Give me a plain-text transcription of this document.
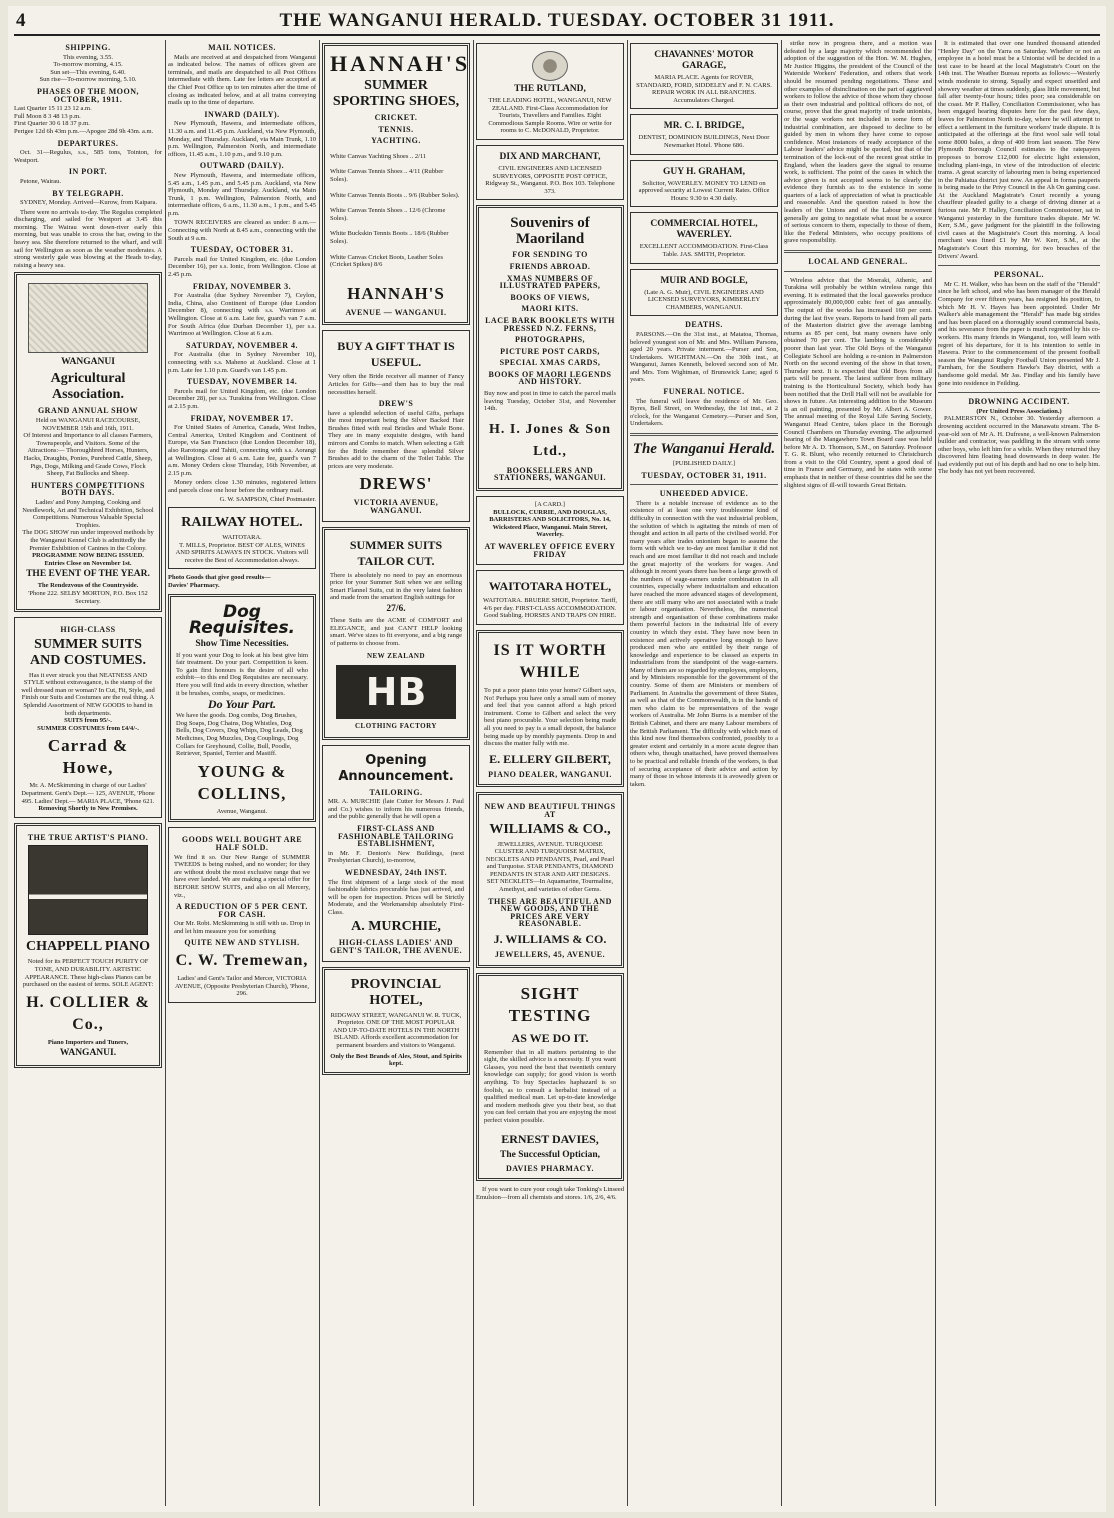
4	THE WANGANUI HERALD. TUESDAY. OCTOBER 31 1911.
SHIPPING.
This evening, 3.55.
To-morrow morning, 4.15.
Sun set—This evening, 6.40.
Sun rise—To-morrow morning, 5.10.
PHASES OF THE MOON, OCTOBER, 1911.
Last Quarter 15 11 23 12 a.m.
Full Moon 8 3 48 13 p.m.
First Quarter 30 6 18 37 p.m.
Perigee 12d 6h 43m p.m.—Apogee 28d 9h 43m. a.m.
DEPARTURES.

Oct. 31—Regulus, s.s., 585 tons, Tointon, for Westport.

IN PORT.

Petone, Wairau.

BY TELEGRAPH.

SYDNEY, Monday. Arrived—Kurow, from Kaipara.

There were no arrivals to-day. The Regulus completed discharging, and sailed for Westport at 3.45 this morning. The Wairau went down-river early this morning, but was unable to cross the bar, owing to the heavy sea. She therefore returned to the wharf, and will sail for Wellington as soon as the weather moderates. A strong westerly gale was blowing at the Heads to-day, raising a heavy sea.

WANGANUI
Agricultural Association.
GRAND ANNUAL SHOW
Held on WANGANUI RACECOURSE, NOVEMBER 15th and 16th, 1911.
Of Interest and Importance to all classes Farmers, Townspeople, and Visitors. Some of the Attractions:— Thoroughbred Horses, Hunters, Hacks, Draughts, Ponies, Purebred Cattle, Sheep, Pigs, Dogs, Milking and Grade Cows, Flock Sheep, Fat Bullocks and Sheep.
HUNTERS COMPETITIONS BOTH DAYS.
Ladies' and Pony Jumping, Cooking and Needlework, Art and Technical Exhibition, School Competitions. Numerous Valuable Special Trophies.
The DOG SHOW run under improved methods by the Wanganui Kennel Club is admittedly the Premier Exhibition of Canines in the Colony.
PROGRAMME NOW BEING ISSUED. Entries Close on November 1st.
THE EVENT OF THE YEAR.
The Rendezvous of the Countryside.
'Phone 222. SELBY MORTON, P.O. Box 152 Secretary.
HIGH-CLASS
SUMMER SUITS AND COSTUMES.
Has it ever struck you that NEATNESS AND STYLE without extravagance, is the stamp of the well dressed man or woman? In Cut, Fit, Style, and Finish our Suits and Costumes are the real thing. A Splendid Assortment of NEW GOODS to hand in both departments.
SUITS from 95/-.
SUMMER COSTUMES from £4/4/-.
Carrad & Howe,
Mr. A. McSkimming in charge of our Ladies' Department. Gent's Dept.— 125, AVENUE, 'Phone 495. Ladies' Dept.— MARIA PLACE, 'Phone 621.
Removing Shortly to New Premises.
THE TRUE ARTIST'S PIANO.
CHAPPELL PIANO
Noted for its PERFECT TOUCH PURITY OF TONE, AND DURABILITY. ARTISTIC APPEARANCE. These high-class Pianos can be purchased on the easiest of terms. SOLE AGENT:
H. COLLIER & Co.,
Piano Importers and Tuners,
WANGANUI.
MAIL NOTICES.

Mails are received at and despatched from Wanganui as indicated below. The names of offices given are terminals, and mails are despatched to all Post Offices intermediate with them. Late fee letters are accepted at the Chief Post Office up to ten minutes after the time of closing as indicated below, and at all trains conveying mails up to the time of departure.

INWARD (DAILY).

New Plymouth, Hawera, and intermediate offices, 11.30 a.m. and 11.45 p.m. Auckland, via New Plymouth, Monday, and Thursday. Auckland, via Main Trunk, 1.10 p.m. Wellington, Palmerston North, and intermediate offices, 11.45 a.m., 1.10 p.m., and 9.10 p.m.

OUTWARD (DAILY).

New Plymouth, Hawera, and intermediate offices, 5.45 a.m., 1.45 p.m., and 5.45 p.m. Auckland, via New Plymouth, Monday and Thursday. Auckland, via Main Trunk, 1 p.m. Wellington, Palmerston North, and intermediate offices, 6 a.m., 11.30 a.m., 1 p.m., and 5.45 p.m.

TOWN RECEIVERS are cleared as under: 8 a.m.—Connecting with North at 8.45 a.m., connecting with the South at 9 a.m.

TUESDAY, OCTOBER 31.

Parcels mail for United Kingdom, etc. (due London December 16), per s.s. Ionic, from Wellington. Close at 2.45 p.m.

FRIDAY, NOVEMBER 3.

For Australia (due Sydney November 7), Ceylon, India, China, also Continent of Europe (due London December 8), connecting with s.s. Warrimoo at Wellington. Close at 6 a.m. Late fee, guard's van 7 a.m. For South Africa (due Durban December 1), per s.s. Warrimoo at Wellington. Close at 6 a.m.

SATURDAY, NOVEMBER 4.

For Australia (due in Sydney November 10), connecting with s.s. Maheno at Auckland. Close at 1 p.m. Late fee 1.10 p.m. Guard's van 1.45 p.m.

TUESDAY, NOVEMBER 14.

Parcels mail for United Kingdom, etc. (due London December 28), per s.s. Turakina from Wellington. Close at 2.15 p.m.

FRIDAY, NOVEMBER 17.

For United States of America, Canada, West Indies, Central America, United Kingdom and Continent of Europe, via San Francisco (due London December 18), also Rarotonga and Tahiti, connecting with s.s. Aorangi at Wellington. Close at 6 a.m. Late fee, guard's van 7 a.m. Money Orders close Thursday, 16th November, at 2.15 p.m.

Money orders close 1.30 minutes, registered letters and parcels close one hour before the ordinary mail.

G. W. SAMPSON, Chief Postmaster.
RAILWAY HOTEL.
WAITOTARA.
T. MILLS, Proprietor. BEST OF ALES, WINES AND SPIRITS ALWAYS IN STOCK. Visitors will receive the Best of Accommodation always.
Photo Goods that give good results—
Davies' Pharmacy.
Dog Requisites.
Show Time Necessities.
If you want your Dog to look at his best give him fair treatment. Do your part. Competition is keen. To gain first honours is the desire of all who exhibit—to this end Dog Requisites are necessary. Here you will find aids in every direction, whether it be brushes, combs, soaps, or medicines.
Do Your Part.
We have the goods. Dog combs, Dog Brushes, Dog Soaps, Dog Chains, Dog Whistles, Dog Bells, Dog Covers, Dog Whips, Dog Leads, Dog Medicines, Dog Muzzles, Dog Couplings, Dog Collars for Greyhound, Collie, Bull, Poodle, Retriever, Spaniel, Terrier and Mastiff.
YOUNG & COLLINS,
Avenue, Wanganui.
GOODS WELL BOUGHT ARE HALF SOLD.
We find it so. Our New Range of SUMMER TWEEDS is being rushed, and no wonder; for they are without doubt the most exclusive range that we have ever landed. We are making a special offer for BEFORE SHOW SUITS, and also on all Mercery, viz.,
A REDUCTION OF 5 PER CENT. FOR CASH.
Our Mr. Robt. McSkimming is still with us. Drop in and let him measure you for something
QUITE NEW AND STYLISH.
C. W. Tremewan,
Ladies' and Gent's Tailor and Mercer, VICTORIA AVENUE, (Opposite Presbyterian Church), 'Phone, 296.
HANNAH'S
SUMMER SPORTING SHOES,
CRICKET.
TENNIS.
YACHTING.
White Canvas Yachting Shoes .. 2/11
White Canvas Tennis Shoes .. 4/11 (Rubber Soles).
White Canvas Tennis Boots .. 9/6 (Rubber Soles).
White Canvas Tennis Shoes .. 12/6 (Chrome Soles).
White Buckskin Tennis Boots .. 18/6 (Rubber Soles).
White Canvas Cricket Boots, Leather Soles (Cricket Spikes) 8/6
HANNAH'S
AVENUE — WANGANUI.
BUY A GIFT THAT IS USEFUL.
Very often the Bride receiver all manner of Fancy Articles for Gifts—and then has to buy the real necessities herself.
DREW'S
have a splendid selection of useful Gifts, perhaps the most important being the Silver Backed Hair Brushes fitted with real Bristles and Whale Bone. They are in many exquisite designs, with hand mirrors and Combs to match. When selecting a Gift for the Bride remember these splendid Silver Brushes add to the charm of the Toilet Table. The prices are very moderate.
DREWS'
VICTORIA AVENUE, WANGANUI.
SUMMER SUITS TAILOR CUT.
There is absolutely no need to pay an enormous price for your Summer Suit when we are selling Smart Flannel Suits, cut in the very latest fashion and made from the smartest English suitings for
27/6.
These Suits are the ACME of COMFORT and ELEGANCE, and just CAN'T HELP looking smart. We've sizes to fit everyone, and a big range of patterns to choose from.
NEW ZEALAND
HB
CLOTHING FACTORY
Opening Announcement.
TAILORING.
MR. A. MURCHIE (late Cutter for Messrs J. Paul and Co.) wishes to inform his numerous friends, and the public generally that he will open a
FIRST-CLASS AND FASHIONABLE TAILORING ESTABLISHMENT,
in Mr. F. Denton's New Buildings, (next Presbyterian Church), to-morrow,
WEDNESDAY, 24th INST.
The first shipment of a large stock of the most fashionable fabrics procurable has just arrived, and will be open for inspection. Prices will be Strictly Moderate, and the Workmanship absolutely First-Class.
A. MURCHIE,
HIGH-CLASS LADIES' AND GENT'S TAILOR, THE AVENUE.
PROVINCIAL HOTEL,
RIDGWAY STREET, WANGANUI W. R. TUCK, Proprietor. ONE OF THE MOST POPULAR AND UP-TO-DATE HOTELS IN THE NORTH ISLAND. Affords excellent accommodation for permanent boarders and visitors to Wanganui.
Only the Best Brands of Ales, Stout, and Spirits kept.
THE RUTLAND,
THE LEADING HOTEL, WANGANUI, NEW ZEALAND. First-Class Accommodation for Tourists, Travellers and Families. Eight Commodious Sample Rooms. Wire or write for rooms to C. McDONALD, Proprietor.
DIX AND MARCHANT,
CIVIL ENGINEERS AND LICENSED SURVEYORS, OPPOSITE POST OFFICE, Ridgway St., Wanganui. P.O. Box 103. Telephone 373.
Souvenirs of Maoriland
FOR SENDING TO
FRIENDS ABROAD.
XMAS NUMBERS OF ILLUSTRATED PAPERS,
BOOKS OF VIEWS,
MAORI KITS.
LACE BARK BOOKLETS WITH PRESSED N.Z. FERNS,
PHOTOGRAPHS,
PICTURE POST CARDS,
SPECIAL XMAS CARDS,
BOOKS OF MAORI LEGENDS AND HISTORY.
Buy now and post in time to catch the parcel mails leaving Tuesday, October 31st, and November 14th.
H. I. Jones & Son Ltd.,
BOOKSELLERS AND STATIONERS, WANGANUI.
[A CARD.]
BULLOCK, CURRIE, AND DOUGLAS, BARRISTERS AND SOLICITORS, No. 14, Wicksteed Place, Wanganui. Main Street, Waverley.
AT WAVERLEY OFFICE EVERY FRIDAY
WAITOTARA HOTEL,
WAITOTARA. BRUERE SHOE, Proprietor. Tariff, 4/6 per day. FIRST-CLASS ACCOMMODATION. Good Stabling. HORSES AND TRAPS ON HIRE.
IS IT WORTH WHILE
To put a poor piano into your home? Gilbert says, No! Perhaps you have only a small sum of money and feel that you cannot afford a high priced instrument. Come to Gilbert and select the very best piano procurable. Your selection being made all you need to pay is a small deposit, the balance being made up by monthly payments. Drop in and discuss the matter fully with me.
E. ELLERY GILBERT,
PIANO DEALER, WANGANUI.
NEW AND BEAUTIFUL THINGS AT
WILLIAMS & CO.,
JEWELLERS, AVENUE. TURQUOISE CLUSTER AND TURQUOISE MATRIX, NECKLETS AND PENDANTS, Pearl, and Pearl and Turquoise. STAR PENDANTS, DIAMOND PENDANTS IN STAR AND ART DESIGNS. SET NECKLETS—In Aquamarine, Tourmaline, Amethyst, and varieties of other Gems.
THESE ARE BEAUTIFUL AND NEW GOODS, AND THE PRICES ARE VERY REASONABLE.
J. WILLIAMS & CO.
JEWELLERS, 45, AVENUE.
SIGHT TESTING
AS WE DO IT.
Remember that in all matters pertaining to the sight, the skilled advice is a necessity. If you want Glasses, you need the best that twentieth century knowledge can supply; for good vision is worth anything. To buy Spectacles haphazard is so foolish, as to consult a herbalist instead of a qualified medical man. Let up-to-date knowledge and modern methods give you their best, so that you can feel certain that you are enjoying the most perfect vision possible.
ERNEST DAVIES,
The Successful Optician,
DAVIES PHARMACY.

If you want to cure your cough take Tonking's Linseed Emulsion—from all chemists and stores. 1/6, 2/6, 4/6.

CHAVANNES' MOTOR GARAGE,
MARIA PLACE. Agents for ROVER, STANDARD, FORD, SIDDELEY and F. N. CARS. REPAIR WORK IN ALL BRANCHES. Accumulators Charged.
MR. C. I. BRIDGE,
DENTIST, DOMINION BUILDINGS, Next Door Newmarket Hotel. 'Phone 686.
GUY H. GRAHAM,
Solicitor, WAVERLEY. MONEY TO LEND on approved security at Lowest Current Rates. Office Hours: 9.30 to 4.30 daily.
COMMERCIAL HOTEL, WAVERLEY.
EXCELLENT ACCOMMODATION. First-Class Table. JAS. SMITH, Proprietor.
MUIR AND BOGLE,
(Late A. G. Muir), CIVIL ENGINEERS AND LICENSED SURVEYORS, KIMBERLEY CHAMBERS, WANGANUI.
DEATHS.

PARSONS.—On the 31st inst., at Matatoa, Thomas, beloved youngest son of Mr. and Mrs. William Parsons, aged 20 years. Private interment.—Purser and Son, Undertakers. WIGHTMAN.—On the 30th inst., at Wanganui, James Kenneth, beloved second son of Mr. and Mrs. Tom Wightman, of Brunswick Lane; aged 6 years.

FUNERAL NOTICE.

The funeral will leave the residence of Mr. Geo. Byres, Bell Street, on Wednesday, the 1st inst., at 2 o'clock, for the Wanganui Cemetery.—Purser and Son, Undertakers.

The Wanganui Herald.
[PUBLISHED DAILY.]
TUESDAY, OCTOBER 31, 1911.
UNHEEDED ADVICE.

There is a notable increase of evidence as to the existence of at least one very troublesome kind of difficulty in connection with the vast industrial problem, the solution of which is agitating the minds of men of thought and action in all parts of the civilised world. For many years after trades unionism began to assume the form with which we to-day are most familiar it did not reach and are most familiar it did not reach and include the great majority of the workers for wages. And although in recent years there has been a large growth of the numbers of wage-earners under combination in all countries, especially where industrialism and education have reached the more advanced stages of development, there are still many who are not associated with a trade or labour organisation. Nevertheless, the numerical strength and organisation of these combinations make them powerful factors in the industrial life of every country in which they exist. They have now been in existence and actively operative long enough to have produced men who are entitled by their range of knowledge and experience to be classed as experts in industrialism from the standpoint of the wage-earners. Many of them are so regarded by employees, employers, and by Ministers responsible for the government of the country. Some of them are Ministers or members of Parliament. In Australia the government of three States, as well as that of the Commonwealth, is in the hands of men who claim to be representatives of the wage workers of Australia. Mr John Burns is a member of the British Cabinet, and there are many Labour members of the British Parliament. The difficulty with which men of this kind now find themselves confronted, possibly to a greater extent and certainly in a more acute degree than others who, though unattached, have proved themselves to be practical and reliable friends of the workers, is that of securing acceptance of their advice and action by many of those in whose interests it is avowedly given or taken.

strike now in progress there, and a motion was defeated by a large majority which recommended the adoption of the suggestion of the Hon. W. M. Hughes, Mr Justice Higgins, the president of the Council of the Waterside Workers' Federation, and others that work should be resumed pending negotiations. These and other examples of disinclination on the part of aggrieved workers to follow the advice of those whom they choose as their own industrial and political officers do not, of course, prove that the great majority of trade unionists, or the wage workers not included in some form of industrial combination, are disposed to decline to be guided by men in whom they have come to repose confidence. Most instances of ready acceptance of the Labour leaders' advice might be quoted, but that of the termination of the lock-out of the recent great strike in England, when the leaders gave the signal to resume work, is sufficient. The point of the cases in which the advice given is not accepted seems to be clearly the evidence they furnish as to the existence in some quarters of a lack of appreciation of what is practicable and reasonable. And the question raised is how the leaders of the Unions and of the Labour movement generally are going to negotiate what must be a source of serious concern to them, especially to those of them, like the Federal Ministers, who occupy positions of grave responsibility.

LOCAL AND GENERAL.

Wireless advice that the Moeraki, Athenic, and Turakina will probably be within wireless range this evening. It is estimated that the local gasworks produce approximately 80,000,000 cubic feet of gas annually. The output of the works has increased 160 per cent. during the last five years. Reports to hand from all parts of the Masterton district give the average lambing returns as 85 per cent, but many owners have only obtained 70 per cent. The lambing is considerably poorer than last year. The Old Boys of the Wanganui Collegiate School are holding a re-union in Palmerston North on the second evening of the show in that town, Thursday next. It is expected that Old Boys from all parts will be present. The latest sufferer from military training is the Horticultural Society, which body has been notified that the Drill Hall will not be available for shows in future. An interesting addition to the Museum is an oil painting, presented by Mr. Albert A. Gower. The annual meeting of the Royal Life Saving Society, Wanganui Head Centre, takes place in the Borough Council Chambers on Thursday evening. The adjourned hearing of the Mangawhero Town Board case was held before Mr A. D. Thomson, S.M., on Saturday. Professor T. G. R. Blunt, who recently returned to Christchurch from a visit to the Old Country, spent a good deal of time in France and Germany, and he states with some emphasis that in neither of these countries did he see the slightest signs of ill-will towards Great Britain.

It is estimated that over one hundred thousand attended "Henley Day" on the Yarra on Saturday. Whether or not an employee in a hotel must be a Unionist will be decided in a test case to be heard at the local Magistrate's Court on the 14th inst. The Weather Bureau reports as follows:—Westerly winds moderate to strong. Squally and expect unsettled and showery weather at times suddenly, glass little movement, but fall after twenty-four hours; tides poor; sea considerable on the coast. Mr P. Halley, Conciliation Commissioner, who has been engaged hearing disputes here for the past few days, leaves for Palmerston North to-day, where he will attempt to effect a settlement in the furniture workers' trade dispute. It is anticipated at the offerings at the first wool sale will total some 8000 bales, a drop of 400 from last season. The New Plymouth Borough Council estimates to the ratepayers proposes to borrow £12,000 for electric light extension, including plant-ings, in view of the introduction of electric trams. A great scarcity of labouring men is being experienced in the Pahiatua district just now. An appeal in forma pauperis is being made to the Privy Council in the Ah On gaming case. At the Auckland Magistrate's Court recently a young chauffeur pleaded guilty to a charge of driving dinner at a furious rate. Mr P. Halley, Conciliation Commissioner, sat in Wanganui yesterday in the furniture trades dispute. Mr W. Kerr, S.M., gave judgment for the plaintiff in the following civil cases at the Magistrate's Court this morning. A local merchant was fined £1 by Mr W. Kerr, S.M., at the Magistrate's Court this morning, for two breaches of the Drivers' Award.

PERSONAL.

Mr C. H. Walker, who has been on the staff of the "Herald" since he left school, and who has been manager of the Herald Company for over fifteen years, has resigned his position, to which Mr H. V. Hayes has been appointed. Under Mr Walker's able management the "Herald" has made big strides and has been placed on a thoroughly sound commercial basis, and his severance from the paper is much regretted by his co-workers. His many friends in Wanganui, too, will learn with regret of his departure, for it is his intention to settle in Hawera. Prior to the commencement of the present football season the Wanganui Rugby Football Union presented Mr J. Farnham, for the Southern Hawke's Bay district, with a handsome gold medal. Mr Jas. Findlay and his family have gone into residence in Feilding.

DROWNING ACCIDENT.
(Per United Press Association.)

PALMERSTON N., October 30. Yesterday afternoon a drowning accident occurred in the Manawatu stream. The 8-year-old son of Mr A. H. Dufresne, a well-known Palmerston builder and contractor, was paddling in the stream with some other boys, who left him for a while. When they returned they discovered him floating head downwards in deep water. He had evidently put out of his depth and had no one to help him. The body has not yet been recovered.
